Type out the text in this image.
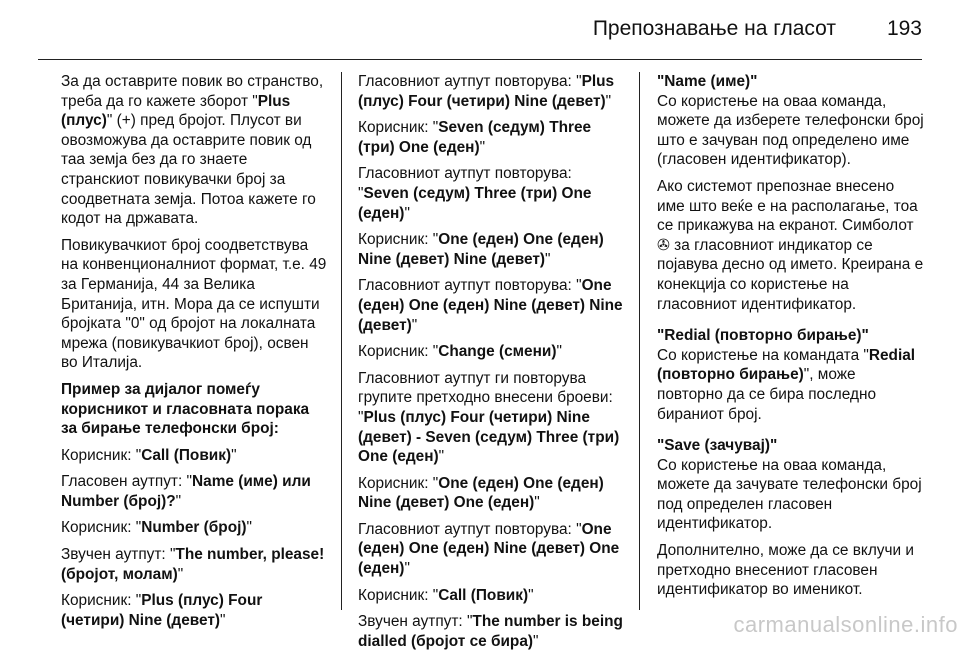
Препознавање на гласот 193

За да оставрите повик во странство, треба да го кажете зборот "Plus (плус)" (+) пред бројот. Плусот ви овозможува да оставрите повик од таа земја без да го знаете странскиот повикувачки број за соодветната земја. Потоа кажете го кодот на државата.

Повикувачкиот број соодветствува на конвенционалниот формат, т.е. 49 за Германија, 44 за Велика Британија, итн. Мора да се испушти бројката "0" од бројот на локалната мрежа (повикувачкиот број), освен во Италија.

Пример за дијалог помеѓу корисникот и гласовната порака за бирање телефонски број:

Корисник: "Call (Повик)"

Гласовен аутпут: "Name (име) или Number (број)?"

Корисник: "Number (број)"

Звучен аутпут: "The number, please! (бројот, молам)"

Корисник: "Plus (плус) Four (четири) Nine (девет)"

Гласовниот аутпут повторува: "Plus (плус) Four (четири) Nine (девет)"

Корисник: "Seven (седум) Three (три) One (еден)"

Гласовниот аутпут повторува: "Seven (седум) Three (три) One (еден)"

Корисник: "One (еден) One (еден) Nine (девет) Nine (девет)"

Гласовниот аутпут повторува: "One (еден) One (еден) Nine (девет) Nine (девет)"

Корисник: "Change (смени)"

Гласовниот аутпут ги повторува групите претходно внесени броеви: "Plus (плус) Four (четири) Nine (девет) - Seven (седум) Three (три) One (еден)"

Корисник: "One (еден) One (еден) Nine (девет) One (еден)"

Гласовниот аутпут повторува: "One (еден) One (еден) Nine (девет) One (еден)"

Корисник: "Call (Повик)"

Звучен аутпут: "The number is being dialled (бројот се бира)"

"Name (име)"

Со користење на оваа команда, можете да изберете телефонски број што е зачуван под определено име (гласовен идентификатор).

Ако системот препознае внесено име што веќе е на располагање, тоа се прикажува на екранот. Симболот ✇ за гласовниот индикатор се појавува десно од името. Креирана е конекција со користење на гласовниот идентификатор.

"Redial (повторно бирање)"

Со користење на командата "Redial (повторно бирање)", може повторно да се бира последно бираниот број.

"Save (зачувај)"

Со користење на оваа команда, можете да зачувате телефонски број под определен гласовен идентификатор.

Дополнително, може да се вклучи и претходно внесениот гласовен идентификатор во именикот.

carmanualsonline.info
